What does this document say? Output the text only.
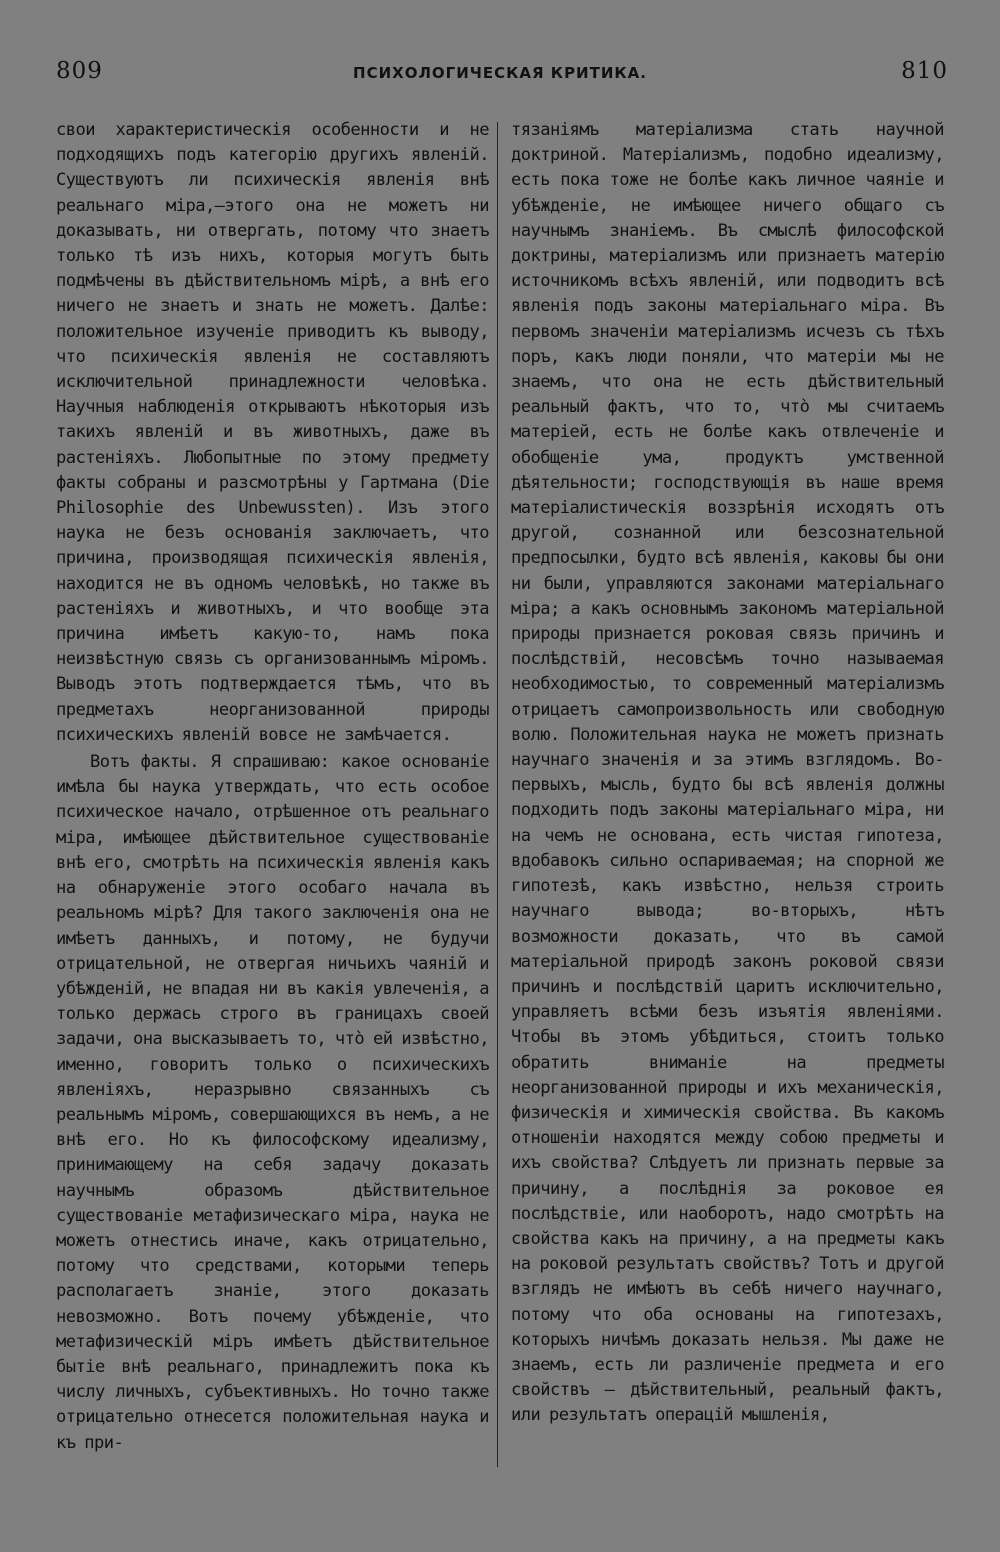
809	ПСИХОЛОГИЧЕСКАЯ КРИТИКА.	810

свои характеристическія особенности и не подходящихъ подъ категорію другихъ явленій. Существуютъ ли психическія явленія внѣ реальнаго міра,—этого она не можетъ ни доказывать, ни отвергать, потому что знаетъ только тѣ изъ нихъ, которыя могутъ быть подмѣчены въ дѣйствительномъ мірѣ, а внѣ его ничего не знаетъ и знать не можетъ. Далѣе: положительное изученіе приводитъ къ выводу, что психическія явленія не составляютъ исключительной принадлежности человѣка. Научныя наблюденія открываютъ нѣкоторыя изъ такихъ явленій и въ животныхъ, даже въ растеніяхъ. Любопытные по этому предмету факты собраны и разсмотрѣны у Гартмана (Die Philosophie des Unbewussten). Изъ этого наука не безъ основанія заключаетъ, что причина, производящая психическія явленія, находится не въ одномъ человѣкѣ, но также въ растеніяхъ и животныхъ, и что вообще эта причина имѣетъ какую-то, намъ пока неизвѣстную связь съ организованнымъ міромъ. Выводъ этотъ подтверждается тѣмъ, что въ предметахъ неорганизованной природы психическихъ явленій вовсе не замѣчается.

Вотъ факты. Я спрашиваю: какое основаніе имѣла бы наука утверждать, что есть особое психическое начало, отрѣшенное отъ реальнаго міра, имѣющее дѣйствительное существованіе внѣ его, смотрѣть на психическія явленія какъ на обнаруженіе этого особаго начала въ реальномъ мірѣ? Для такого заключенія она не имѣетъ данныхъ, и потому, не будучи отрицательной, не отвергая ничьихъ чаяній и убѣжденій, не впадая ни въ какія увлеченія, а только держась строго въ границахъ своей задачи, она высказываетъ то, что̀ ей извѣстно, именно, говоритъ только о психическихъ явленіяхъ, неразрывно связанныхъ съ реальнымъ міромъ, совершающихся въ немъ, а не внѣ его. Но къ философскому идеализму, принимающему на себя задачу доказать научнымъ образомъ дѣйствительное существованіе метафизическаго міра, наука не можетъ отнестись иначе, какъ отрицательно, потому что средствами, которыми теперь располагаетъ знаніе, этого доказать невозможно. Вотъ почему убѣжденіе, что метафизическій міръ имѣетъ дѣйствительное бытіе внѣ реальнаго, принадлежитъ пока къ числу личныхъ, субъективныхъ. Но точно также отрицательно отнесется положительная наука и къ при-

тязаніямъ матеріализма стать научной доктриной. Матеріализмъ, подобно идеализму, есть пока тоже не болѣе какъ личное чаяніе и убѣжденіе, не имѣющее ничего общаго съ научнымъ знаніемъ. Въ смыслѣ философской доктрины, матеріализмъ или признаетъ матерію источникомъ всѣхъ явленій, или подводитъ всѣ явленія подъ законы матеріальнаго міра. Въ первомъ значеніи матеріализмъ исчезъ съ тѣхъ поръ, какъ люди поняли, что матеріи мы не знаемъ, что она не есть дѣйствительный реальный фактъ, что то, что̀ мы считаемъ матеріей, есть не болѣе какъ отвлеченіе и обобщеніе ума, продуктъ умственной дѣятельности; господствующія въ наше время матеріалистическія воззрѣнія исходятъ отъ другой, сознанной или безсознательной предпосылки, будто всѣ явленія, каковы бы они ни были, управляются законами матеріальнаго міра; а какъ основнымъ закономъ матеріальной природы признается роковая связь причинъ и послѣдствій, несовсѣмъ точно называемая необходимостью, то современный матеріализмъ отрицаетъ самопроизвольность или свободную волю. Положительная наука не можетъ признать научнаго значенія и за этимъ взглядомъ. Во-первыхъ, мысль, будто бы всѣ явленія должны подходить подъ законы матеріальнаго міра, ни на чемъ не основана, есть чистая гипотеза, вдобавокъ сильно оспариваемая; на спорной же гипотезѣ, какъ извѣстно, нельзя строить научнаго вывода; во-вторыхъ, нѣтъ возможности доказать, что въ самой матеріальной природѣ законъ роковой связи причинъ и послѣдствій царитъ исключительно, управляетъ всѣми безъ изъятія явленіями. Чтобы въ этомъ убѣдиться, стоитъ только обратить вниманіе на предметы неорганизованной природы и ихъ механическія, физическія и химическія свойства. Въ какомъ отношеніи находятся между собою предметы и ихъ свойства? Слѣдуетъ ли признать первые за причину, а послѣднія за роковое ея послѣдствіе, или наоборотъ, надо смотрѣть на свойства какъ на причину, а на предметы какъ на роковой результатъ свойствъ? Тотъ и другой взглядъ не имѣютъ въ себѣ ничего научнаго, потому что оба основаны на гипотезахъ, которыхъ ничѣмъ доказать нельзя. Мы даже не знаемъ, есть ли различеніе предмета и его свойствъ — дѣйствительный, реальный фактъ, или результатъ операцій мышленія,
